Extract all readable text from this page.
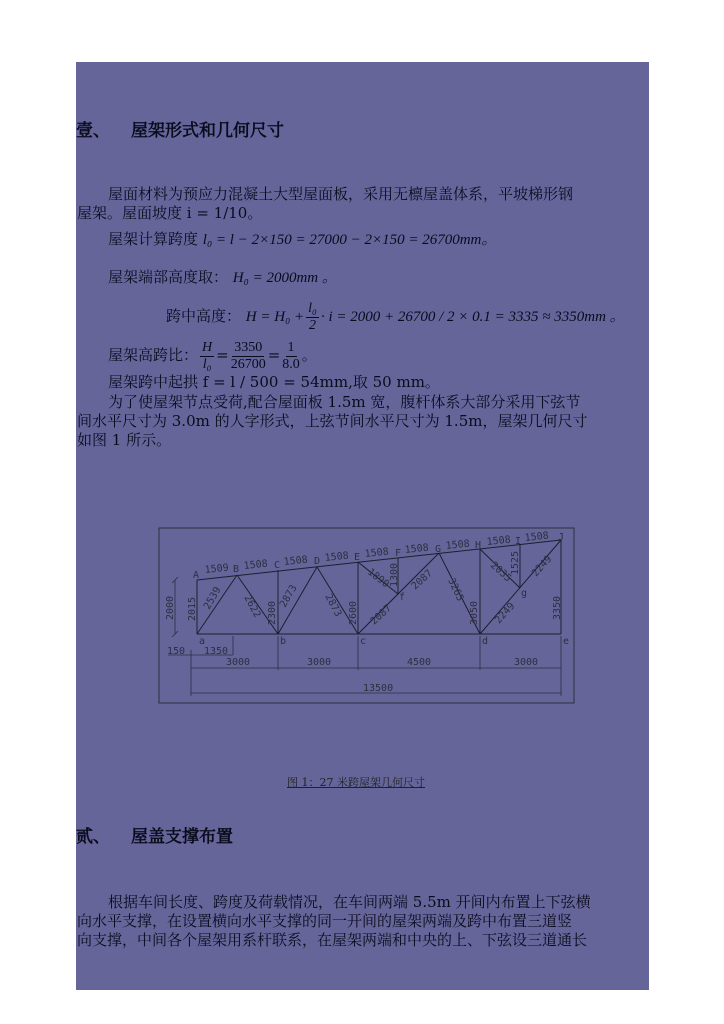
壹、 屋架形式和几何尺寸
屋面材料为预应力混凝土大型屋面板，采用无檩屋盖体系，平坡梯形钢
屋架。屋面坡度 i = 1/10。
屋架计算跨度 l₀ = l − 2×150 = 27000 − 2×150 = 26700mm。
屋架端部高度取： H₀ = 2000mm 。
跨中高度： $H = H_0 + \frac{\text{l₀}}{2} \cdot i = 2000 + 26700 / 2 \times 0.1 = 3335 \approx 3350mm$ 。
屋架高跨比： $\frac{H}{\text{l₀}} = \frac{3350}{26700} = \frac{1}{8.0}$ 。
屋架跨中起拱 f = l / 500 = 54mm,取 50 mm。
为了使屋架节点受荷,配合屋面板 1.5m 宽，腹杆体系大部分采用下弦节
间水平尺寸为 3.0m 的人字形式，上弦节间水平尺寸为 1.5m，屋架几何尺寸
如图 1 所示。
A
B	C	D	E	F	G	H	I	J
a	b	c	d	e
f	g
1509 1508 1508 1508 1508 1508 1508 1508 1508
2015	2300	2600
1300
3050
1525
3350
2000	2539 2622 2873 2873
1890
2087
2087 3265
2035
2249
2249
150 1350
3000	3000	4500	3000
13500
图 1：27 米跨屋架几何尺寸
贰、 屋盖支撑布置
根据车间长度、跨度及荷载情况，在车间两端 5.5m 开间内布置上下弦横
向水平支撑，在设置横向水平支撑的同一开间的屋架两端及跨中布置三道竖
向支撑，中间各个屋架用系杆联系，在屋架两端和中央的上、下弦设三道通长
